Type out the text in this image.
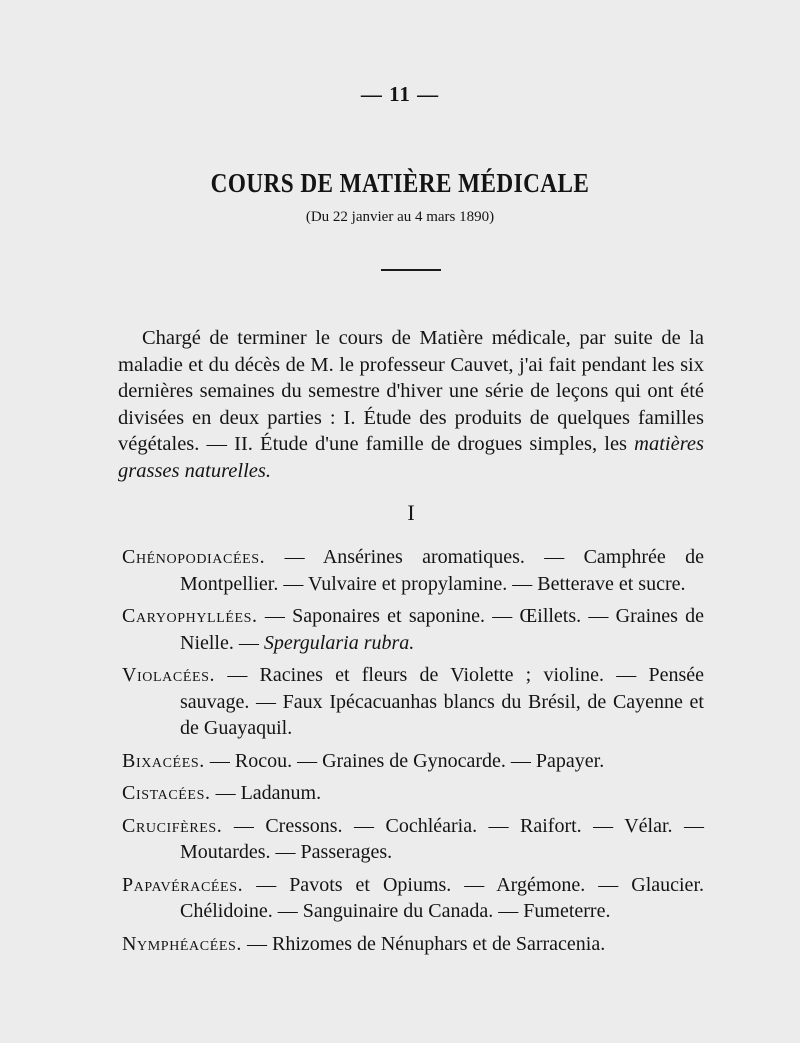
— 11 —
COURS DE MATIÈRE MÉDICALE
(Du 22 janvier au 4 mars 1890)

Chargé de terminer le cours de Matière médicale, par suite de la maladie et du décès de M. le professeur Cauvet, j'ai fait pendant les six dernières semaines du semestre d'hiver une série de leçons qui ont été divisées en deux parties : I. Étude des produits de quelques familles végétales. — II. Étude d'une famille de drogues simples, les matières grasses naturelles.

I

Chénopodiacées. — Ansérines aromatiques. — Camphrée de Montpellier. — Vulvaire et propylamine. — Betterave et sucre.

Caryophyllées. — Saponaires et saponine. — Œillets. — Graines de Nielle. — Spergularia rubra.

Violacées. — Racines et fleurs de Violette ; violine. — Pensée sauvage. — Faux Ipécacuanhas blancs du Brésil, de Cayenne et de Guayaquil.

Bixacées. — Rocou. — Graines de Gynocarde. — Papayer.

Cistacées. — Ladanum.

Crucifères. — Cressons. — Cochléaria. — Raifort. — Vélar. — Moutardes. — Passerages.

Papavéracées. — Pavots et Opiums. — Argémone. — Glaucier. Chélidoine. — Sanguinaire du Canada. — Fumeterre.

Nymphéacées. — Rhizomes de Nénuphars et de Sarracenia.
